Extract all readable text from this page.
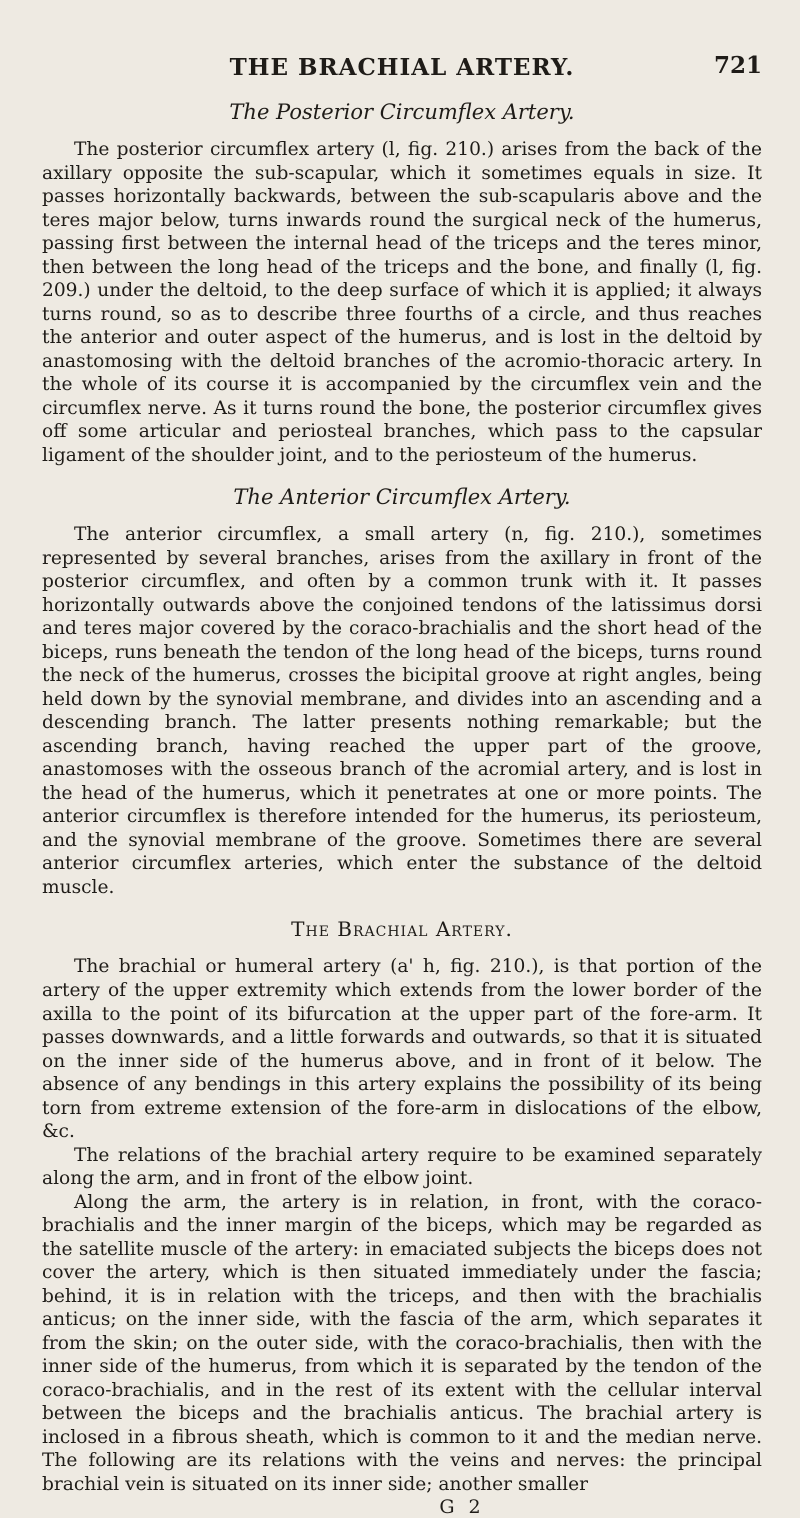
THE BRACHIAL ARTERY.	721
The Posterior Circumflex Artery.

The posterior circumflex artery (l, fig. 210.) arises from the back of the axillary opposite the sub-scapular, which it sometimes equals in size. It passes horizontally backwards, between the sub-scapularis above and the teres major below, turns inwards round the surgical neck of the humerus, passing first between the internal head of the triceps and the teres minor, then between the long head of the triceps and the bone, and finally (l, fig. 209.) under the deltoid, to the deep surface of which it is applied; it always turns round, so as to describe three fourths of a circle, and thus reaches the anterior and outer aspect of the humerus, and is lost in the deltoid by anastomosing with the deltoid branches of the acromio-thoracic artery. In the whole of its course it is accompanied by the circumflex vein and the circumflex nerve. As it turns round the bone, the posterior circumflex gives off some articular and periosteal branches, which pass to the capsular ligament of the shoulder joint, and to the periosteum of the humerus.

The Anterior Circumflex Artery.

The anterior circumflex, a small artery (n, fig. 210.), sometimes represented by several branches, arises from the axillary in front of the posterior circumflex, and often by a common trunk with it. It passes horizontally outwards above the conjoined tendons of the latissimus dorsi and teres major covered by the coraco-brachialis and the short head of the biceps, runs beneath the tendon of the long head of the biceps, turns round the neck of the humerus, crosses the bicipital groove at right angles, being held down by the synovial membrane, and divides into an ascending and a descending branch. The latter presents nothing remarkable; but the ascending branch, having reached the upper part of the groove, anastomoses with the osseous branch of the acromial artery, and is lost in the head of the humerus, which it penetrates at one or more points. The anterior circumflex is therefore intended for the humerus, its periosteum, and the synovial membrane of the groove. Sometimes there are several anterior circumflex arteries, which enter the substance of the deltoid muscle.

The Brachial Artery.

The brachial or humeral artery (a' h, fig. 210.), is that portion of the artery of the upper extremity which extends from the lower border of the axilla to the point of its bifurcation at the upper part of the fore-arm. It passes downwards, and a little forwards and outwards, so that it is situated on the inner side of the humerus above, and in front of it below. The absence of any bendings in this artery explains the possibility of its being torn from extreme extension of the fore-arm in dislocations of the elbow, &c.

The relations of the brachial artery require to be examined separately along the arm, and in front of the elbow joint.

Along the arm, the artery is in relation, in front, with the coraco-brachialis and the inner margin of the biceps, which may be regarded as the satellite muscle of the artery: in emaciated subjects the biceps does not cover the artery, which is then situated immediately under the fascia; behind, it is in relation with the triceps, and then with the brachialis anticus; on the inner side, with the fascia of the arm, which separates it from the skin; on the outer side, with the coraco-brachialis, then with the inner side of the humerus, from which it is separated by the tendon of the coraco-brachialis, and in the rest of its extent with the cellular interval between the biceps and the brachialis anticus. The brachial artery is inclosed in a fibrous sheath, which is common to it and the median nerve. The following are its relations with the veins and nerves: the principal brachial vein is situated on its inner side; another smaller

G 2
